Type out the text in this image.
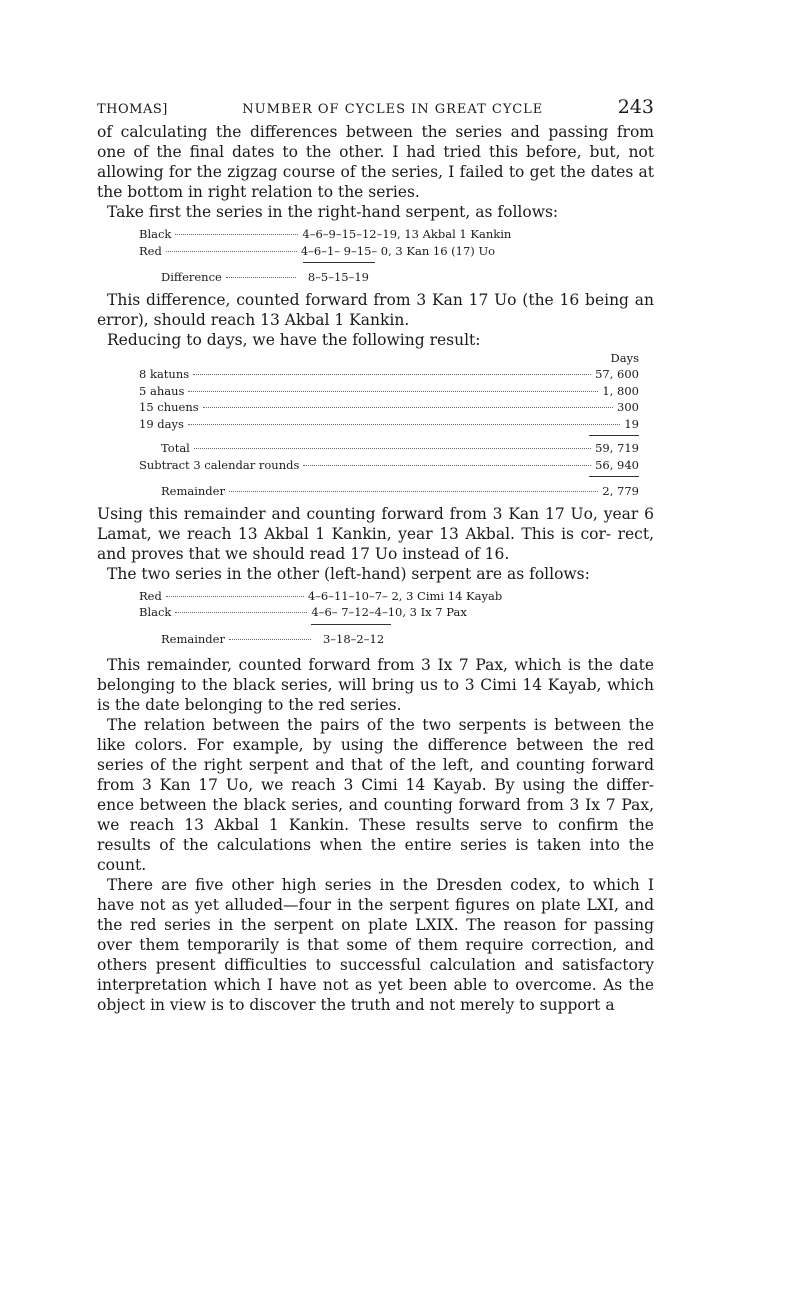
THOMAS]	NUMBER OF CYCLES IN GREAT CYCLE	243

of calculating the differences between the series and passing from one of the final dates to the other. I had tried this before, but, not allowing for the zigzag course of the series, I failed to get the dates at the bottom in right relation to the series.

Take first the series in the right-hand serpent, as follows:

Black	4–6–9–15–12–19, 13 Akbal 1 Kankin
Red	4–6–1– 9–15– 0, 3 Kan 16 (17) Uo
Difference	8–5–15–19

This difference, counted forward from 3 Kan 17 Uo (the 16 being an error), should reach 13 Akbal 1 Kankin.

Reducing to days, we have the following result:

Days
8 katuns	57, 600
5 ahaus	1, 800
15 chuens	300
19 days	19
Total	59, 719
Subtract 3 calendar rounds	56, 940
Remainder	2, 779

Using this remainder and counting forward from 3 Kan 17 Uo, year 6 Lamat, we reach 13 Akbal 1 Kankin, year 13 Akbal. This is cor- rect, and proves that we should read 17 Uo instead of 16.

The two series in the other (left-hand) serpent are as follows:

Red	4–6–11–10–7– 2, 3 Cimi 14 Kayab
Black	4–6– 7–12–4–10, 3 Ix 7 Pax
Remainder	3–18–2–12

This remainder, counted forward from 3 Ix 7 Pax, which is the date belonging to the black series, will bring us to 3 Cimi 14 Kayab, which is the date belonging to the red series.

The relation between the pairs of the two serpents is between the like colors. For example, by using the difference between the red series of the right serpent and that of the left, and counting forward from 3 Kan 17 Uo, we reach 3 Cimi 14 Kayab. By using the differ- ence between the black series, and counting forward from 3 Ix 7 Pax, we reach 13 Akbal 1 Kankin. These results serve to confirm the results of the calculations when the entire series is taken into the count.

There are five other high series in the Dresden codex, to which I have not as yet alluded—four in the serpent figures on plate LXI, and the red series in the serpent on plate LXIX. The reason for passing over them temporarily is that some of them require correction, and others present difficulties to successful calculation and satisfactory interpretation which I have not as yet been able to overcome. As the object in view is to discover the truth and not merely to support a
